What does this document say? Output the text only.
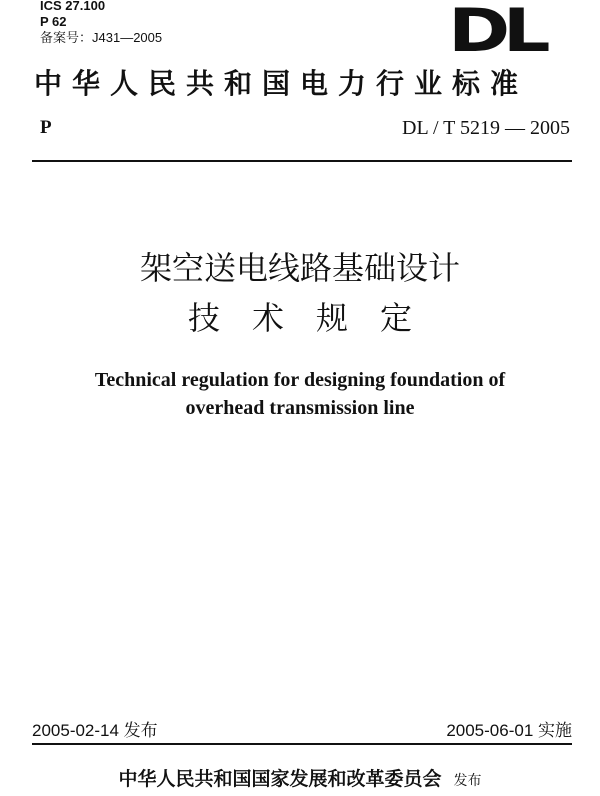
ICS 27.100
P 62
备案号：J431—2005	DL
中华人民共和国电力行业标准
P	DL / T 5219 — 2005
架空送电线路基础设计
技术规定
Technical regulation for designing foundation of
overhead transmission line
2005-02-14 发布	2005-06-01 实施
中华人民共和国国家发展和改革委员会 发布
